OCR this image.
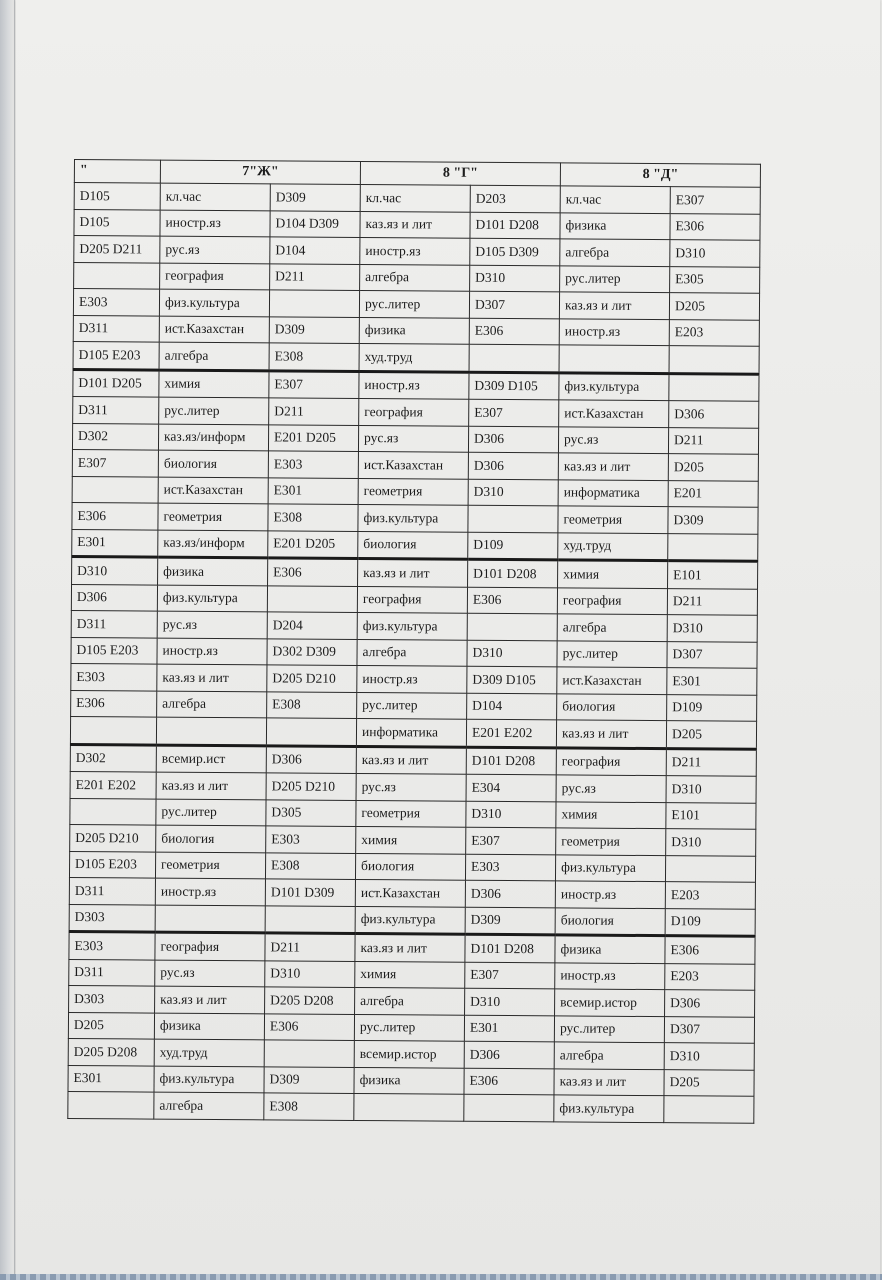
"	7"Ж"		8 "Г"		8 "Д"	
D105	кл.час	D309	кл.час	D203	кл.час	E307
D105	иностр.яз	D104 D309	каз.яз и лит	D101 D208	физика	E306
D205 D211	рус.яз	D104	иностр.яз	D105 D309	алгебра	D310
	география	D211	алгебра	D310	рус.литер	E305
E303	физ.культура		рус.литер	D307	каз.яз и лит	D205
D311	ист.Казахстан	D309	физика	E306	иностр.яз	E203
D105 E203	алгебра	E308	худ.труд			
D101 D205	химия	E307	иностр.яз	D309 D105	физ.культура	
D311	рус.литер	D211	география	E307	ист.Казахстан	D306
D302	каз.яз/информ	E201 D205	рус.яз	D306	рус.яз	D211
E307	биология	E303	ист.Казахстан	D306	каз.яз и лит	D205
	ист.Казахстан	E301	геометрия	D310	информатика	E201
E306	геометрия	E308	физ.культура		геометрия	D309
E301	каз.яз/информ	E201 D205	биология	D109	худ.труд	
D310	физика	E306	каз.яз и лит	D101 D208	химия	E101
D306	физ.культура		география	E306	география	D211
D311	рус.яз	D204	физ.культура		алгебра	D310
D105 E203	иностр.яз	D302 D309	алгебра	D310	рус.литер	D307
E303	каз.яз и лит	D205 D210	иностр.яз	D309 D105	ист.Казахстан	E301
E306	алгебра	E308	рус.литер	D104	биология	D109
			информатика	E201 E202	каз.яз и лит	D205
D302	всемир.ист	D306	каз.яз и лит	D101 D208	география	D211
E201 E202	каз.яз и лит	D205 D210	рус.яз	E304	рус.яз	D310
	рус.литер	D305	геометрия	D310	химия	E101
D205 D210	биология	E303	химия	E307	геометрия	D310
D105 E203	геометрия	E308	биология	E303	физ.культура	
D311	иностр.яз	D101 D309	ист.Казахстан	D306	иностр.яз	E203
D303			физ.культура	D309	биология	D109
E303	география	D211	каз.яз и лит	D101 D208	физика	E306
D311	рус.яз	D310	химия	E307	иностр.яз	E203
D303	каз.яз и лит	D205 D208	алгебра	D310	всемир.истор	D306
D205	физика	E306	рус.литер	E301	рус.литер	D307
D205 D208	худ.труд		всемир.истор	D306	алгебра	D310
E301	физ.культура	D309	физика	E306	каз.яз и лит	D205
	алгебра	E308			физ.культура	
